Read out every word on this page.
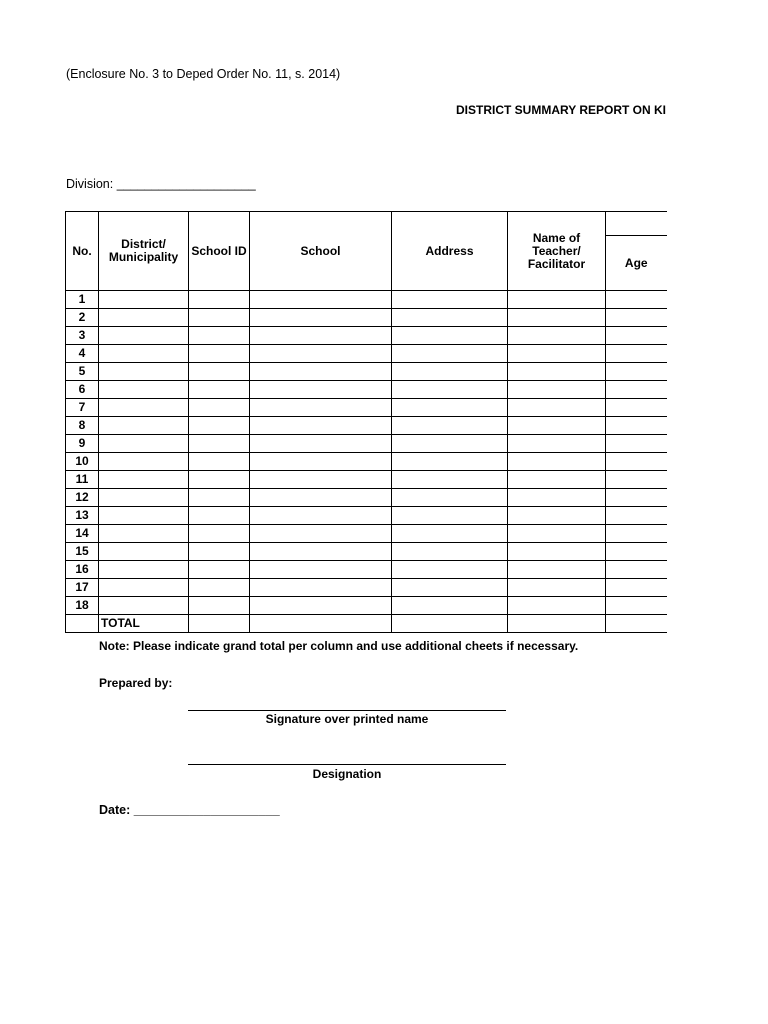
(Enclosure No. 3 to Deped Order No. 11, s. 2014)
DISTRICT SUMMARY REPORT ON KI
Division: ____________________
No.	District/ Municipality	School ID	School	Address	Name of Teacher/ Facilitator	
						Age
1						
2						
3						
4						
5						
6						
7						
8						
9						
10						
11						
12						
13						
14						
15						
16						
17						
18						
	TOTAL					
Note: Please indicate grand total per column and use additional cheets if necessary.
Prepared by:
Signature over printed name
Designation
Date: _____________________
